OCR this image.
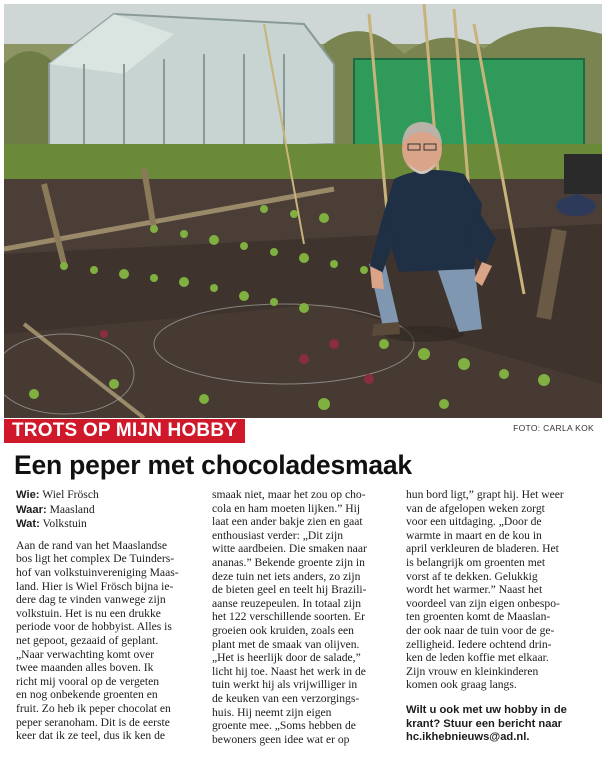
TROTS OP MIJN HOBBY	FOTO: CARLA KOK
Een peper met chocoladesmaak
Wie: Wiel Frösch
Waar: Maasland
Wat: Volkstuin
Aan de rand van het Maaslandse
bos ligt het complex De Tuinders-
hof van volkstuinvereniging Maas-
land. Hier is Wiel Frösch bijna ie-
dere dag te vinden vanwege zijn
volkstuin. Het is nu een drukke
periode voor de hobbyist. Alles is
net gepoot, gezaaid of geplant.
„Naar verwachting komt over
twee maanden alles boven. Ik
richt mij vooral op de vergeten
en nog onbekende groenten en
fruit. Zo heb ik peper chocolat en
peper seranoham. Dit is de eerste
keer dat ik ze teel, dus ik ken de
smaak niet, maar het zou op cho-
cola en ham moeten lijken.” Hij
laat een ander bakje zien en gaat
enthousiast verder: „Dit zijn
witte aardbeien. Die smaken naar
ananas.” Bekende groente zijn in
deze tuin net iets anders, zo zijn
de bieten geel en teelt hij Brazili-
aanse reuzepeulen. In totaal zijn
het 122 verschillende soorten. Er
groeien ook kruiden, zoals een
plant met de smaak van olijven.
„Het is heerlijk door de salade,”
licht hij toe. Naast het werk in de
tuin werkt hij als vrijwilliger in
de keuken van een verzorgings-
huis. Hij neemt zijn eigen
groente mee. „Soms hebben de
bewoners geen idee wat er op
hun bord ligt,” grapt hij. Het weer
van de afgelopen weken zorgt
voor een uitdaging. „Door de
warmte in maart en de kou in
april verkleuren de bladeren. Het
is belangrijk om groenten met
vorst af te dekken. Gelukkig
wordt het warmer.” Naast het
voordeel van zijn eigen onbespo-
ten groenten komt de Maaslan-
der ook naar de tuin voor de ge-
zelligheid. Iedere ochtend drin-
ken de leden koffie met elkaar.
Zijn vrouw en kleinkinderen
komen ook graag langs.
Wilt u ook met uw hobby in de
krant? Stuur een bericht naar
hc.ikhebnieuws@ad.nl.
